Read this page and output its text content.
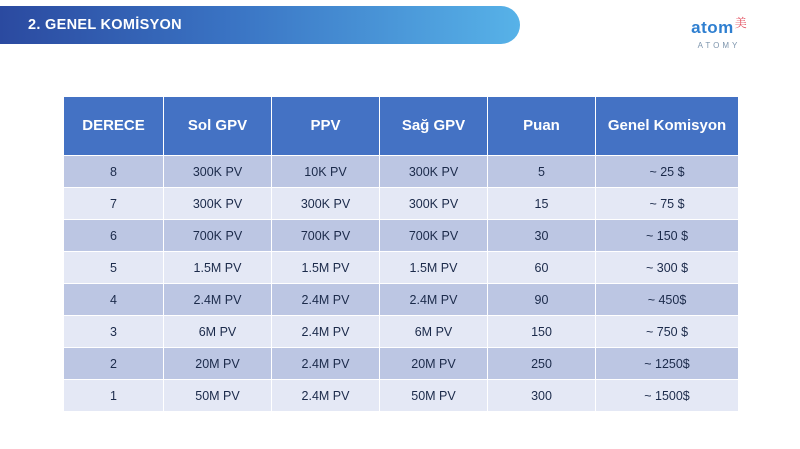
2. GENEL KOMİSYON	atom$^美$
ATOMY
DERECE	Sol GPV	PPV	Sağ GPV	Puan	Genel Komisyon
8	300K PV	10K PV	300K PV	5	~ 25 $
7	300K PV	300K PV	300K PV	15	~ 75 $
6	700K PV	700K PV	700K PV	30	~ 150 $
5	1.5M PV	1.5M PV	1.5M PV	60	~ 300 $
4	2.4M PV	2.4M PV	2.4M PV	90	~ 450$
3	6M PV	2.4M PV	6M PV	150	~ 750 $
2	20M PV	2.4M PV	20M PV	250	~ 1250$
1	50M PV	2.4M PV	50M PV	300	~ 1500$
